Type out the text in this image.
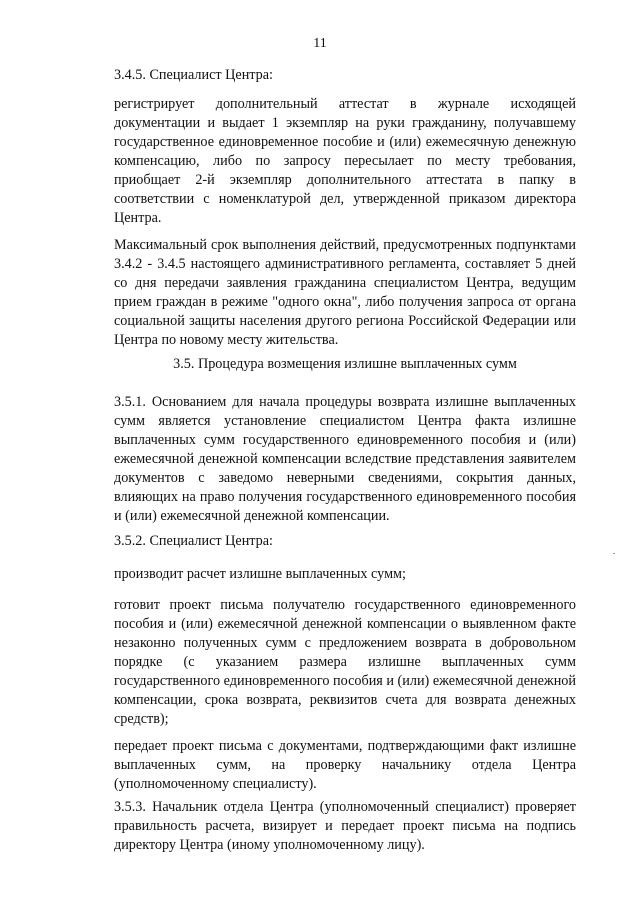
11

3.4.5. Специалист Центра:

регистрирует дополнительный аттестат в журнале исходящей документации и выдает 1 экземпляр на руки гражданину, получавшему государственное единовременное пособие и (или) ежемесячную денежную компенсацию, либо по запросу пересылает по месту требования, приобщает 2-й экземпляр дополнительного аттестата в папку в соответствии с номенклатурой дел, утвержденной приказом директора Центра.

Максимальный срок выполнения действий, предусмотренных подпунктами 3.4.2 - 3.4.5 настоящего административного регламента, составляет 5 дней со дня передачи заявления гражданина специалистом Центра, ведущим прием граждан в режиме "одного окна", либо получения запроса от органа социальной защиты населения другого региона Российской Федерации или Центра по новому месту жительства.

3.5. Процедура возмещения излишне выплаченных сумм

3.5.1. Основанием для начала процедуры возврата излишне выплаченных сумм является установление специалистом Центра факта излишне выплаченных сумм государственного единовременного пособия и (или) ежемесячной денежной компенсации вследствие представления заявителем документов с заведомо неверными сведениями, сокрытия данных, влияющих на право получения государственного единовременного пособия и (или) ежемесячной денежной компенсации.

3.5.2. Специалист Центра:

производит расчет излишне выплаченных сумм;

готовит проект письма получателю государственного единовременного пособия и (или) ежемесячной денежной компенсации о выявленном факте незаконно полученных сумм с предложением возврата в добровольном порядке (с указанием размера излишне выплаченных сумм государственного единовременного пособия и (или) ежемесячной денежной компенсации, срока возврата, реквизитов счета для возврата денежных средств);

передает проект письма с документами, подтверждающими факт излишне выплаченных сумм, на проверку начальнику отдела Центра (уполномоченному специалисту).

3.5.3. Начальник отдела Центра (уполномоченный специалист) проверяет правильность расчета, визирует и передает проект письма на подпись директору Центра (иному уполномоченному лицу).
